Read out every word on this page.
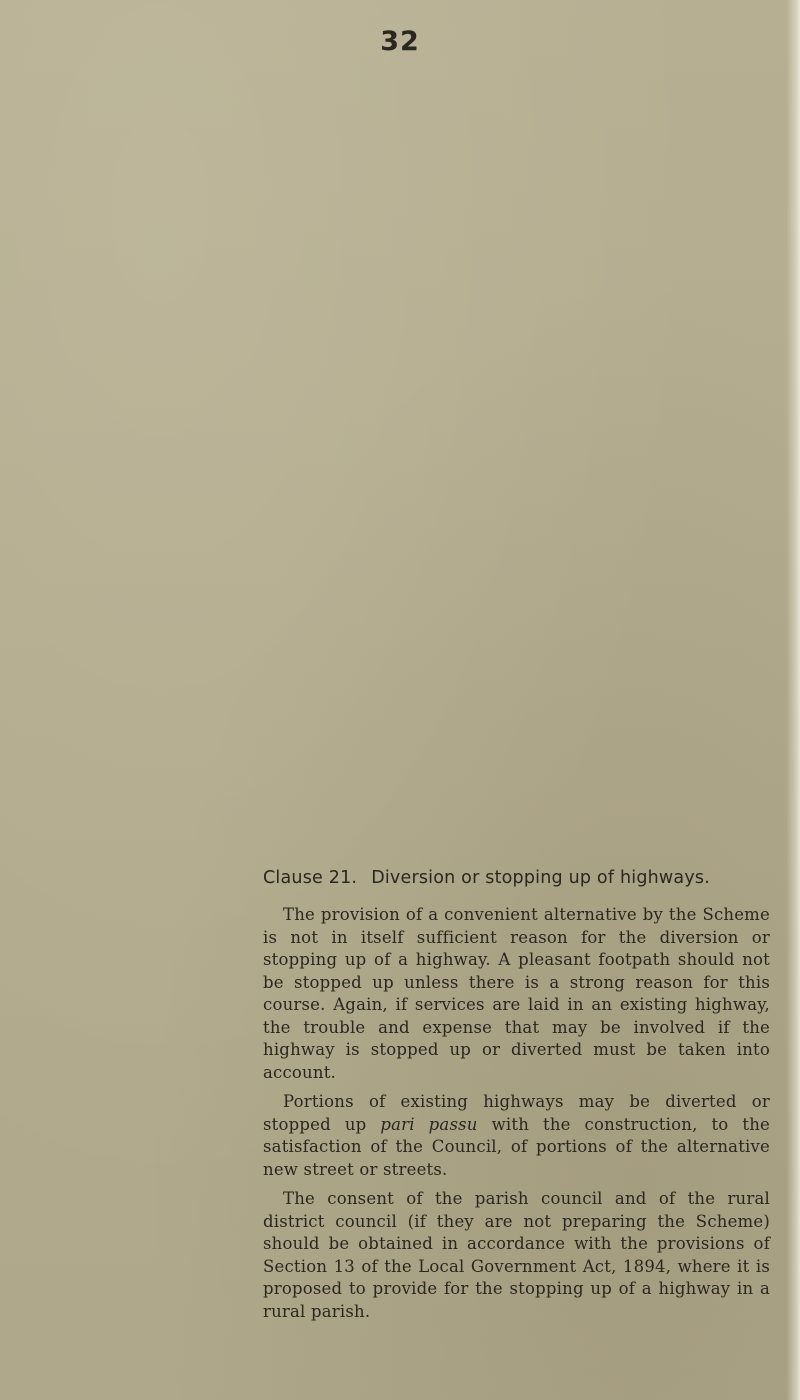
32
Clause 21. Diversion or stopping up of highways.

The provision of a convenient alternative by the Scheme is not in itself sufficient reason for the diversion or stopping up of a highway. A pleasant footpath should not be stopped up unless there is a strong reason for this course. Again, if services are laid in an existing highway, the trouble and expense that may be involved if the highway is stopped up or diverted must be taken into account.

Portions of existing highways may be diverted or stopped up pari passu with the construction, to the satisfaction of the Council, of portions of the alternative new street or streets.

The consent of the parish council and of the rural district council (if they are not preparing the Scheme) should be obtained in accordance with the provisions of Section 13 of the Local Government Act, 1894, where it is proposed to provide for the stopping up of a highway in a rural parish.
